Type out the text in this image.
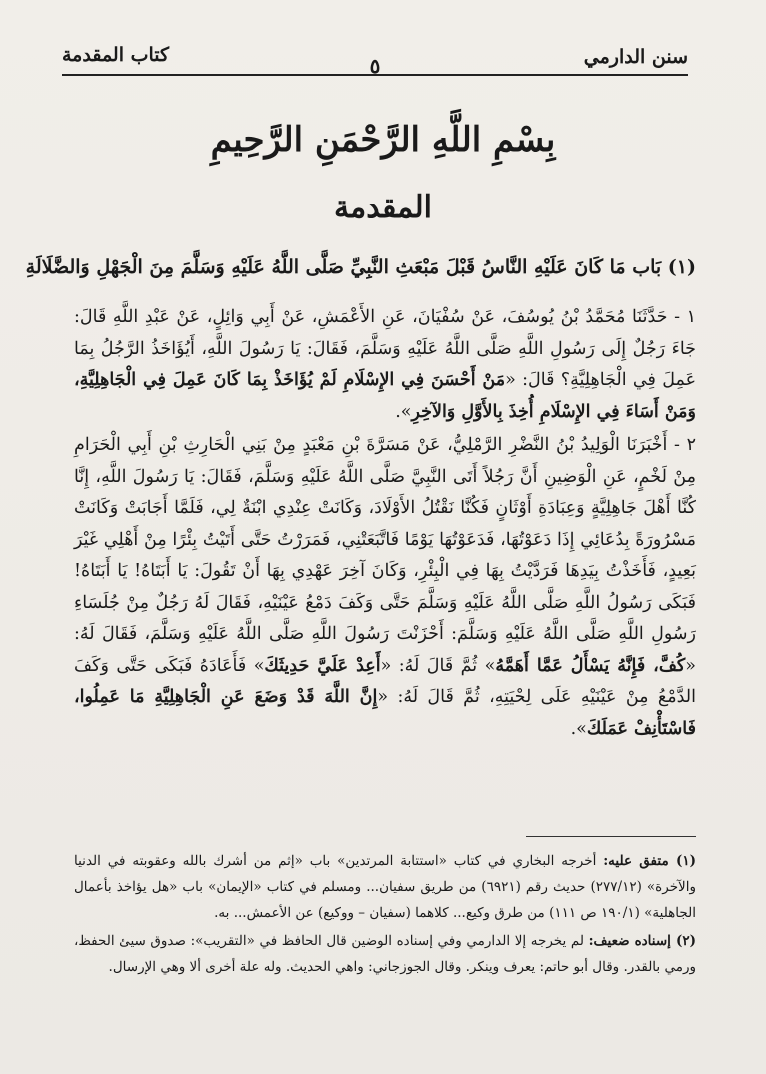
سنن الدارمي
٥
كتاب المقدمة
بِسْمِ اللَّهِ الرَّحْمَنِ الرَّحِيمِ
المقدمة
(١) بَاب مَا كَانَ عَلَيْهِ النَّاسُ قَبْلَ مَبْعَثِ النَّبِيِّ صَلَّى اللَّهُ عَلَيْهِ وَسَلَّمَ مِنَ الْجَهْلِ وَالضَّلَالَةِ

١ - حَدَّثَنَا مُحَمَّدُ بْنُ يُوسُفَ، عَنْ سُفْيَانَ، عَنِ الأَعْمَشِ، عَنْ أَبِي وَائِلٍ، عَنْ عَبْدِ اللَّهِ قَالَ: جَاءَ رَجُلٌ إِلَى رَسُولِ اللَّهِ صَلَّى اللَّهُ عَلَيْهِ وَسَلَّمَ، فَقَالَ: يَا رَسُولَ اللَّهِ، أَيُؤَاخَذُ الرَّجُلُ بِمَا عَمِلَ فِي الْجَاهِلِيَّةِ؟ قَالَ: «مَنْ أَحْسَنَ فِي الإِسْلَامِ لَمْ يُؤَاخَذْ بِمَا كَانَ عَمِلَ فِي الْجَاهِلِيَّةِ، وَمَنْ أَسَاءَ فِي الإِسْلَامِ أُخِذَ بِالأَوَّلِ وَالآخِرِ».

٢ - أَخْبَرَنَا الْوَلِيدُ بْنُ النَّضْرِ الرَّمْلِيُّ، عَنْ مَسَرَّةَ بْنِ مَعْبَدٍ مِنْ بَنِي الْحَارِثِ بْنِ أَبِي الْحَرَامِ مِنْ لَخْمٍ، عَنِ الْوَضِينِ أَنَّ رَجُلاً أَتَى النَّبِيَّ صَلَّى اللَّهُ عَلَيْهِ وَسَلَّمَ، فَقَالَ: يَا رَسُولَ اللَّهِ، إِنَّا كُنَّا أَهْلَ جَاهِلِيَّةٍ وَعِبَادَةِ أَوْثَانٍ فَكُنَّا نَقْتُلُ الأَوْلَادَ، وَكَانَتْ عِنْدِي ابْنَةٌ لِي، فَلَمَّا أَجَابَتْ وَكَانَتْ مَسْرُورَةً بِدُعَائِي إِذَا دَعَوْتُهَا، فَدَعَوْتُهَا يَوْمًا فَاتَّبَعَتْنِي، فَمَرَرْتُ حَتَّى أَتَيْتُ بِئْرًا مِنْ أَهْلِي غَيْرَ بَعِيدٍ، فَأَخَذْتُ بِيَدِهَا فَرَدَّيْتُ بِهَا فِي الْبِئْرِ، وَكَانَ آخِرَ عَهْدِي بِهَا أَنْ تَقُولَ: يَا أَبَتَاهُ! يَا أَبَتَاهُ! فَبَكَى رَسُولُ اللَّهِ صَلَّى اللَّهُ عَلَيْهِ وَسَلَّمَ حَتَّى وَكَفَ دَمْعُ عَيْنَيْهِ، فَقَالَ لَهُ رَجُلٌ مِنْ جُلَسَاءِ رَسُولِ اللَّهِ صَلَّى اللَّهُ عَلَيْهِ وَسَلَّمَ: أَحْزَنْتَ رَسُولَ اللَّهِ صَلَّى اللَّهُ عَلَيْهِ وَسَلَّمَ، فَقَالَ لَهُ: «كُفَّ، فَإِنَّهُ يَسْأَلُ عَمَّا أَهَمَّهُ» ثُمَّ قَالَ لَهُ: «أَعِدْ عَلَيَّ حَدِيثَكَ» فَأَعَادَهُ فَبَكَى حَتَّى وَكَفَ الدَّمْعُ مِنْ عَيْنَيْهِ عَلَى لِحْيَتِهِ، ثُمَّ قَالَ لَهُ: «إِنَّ اللَّهَ قَدْ وَضَعَ عَنِ الْجَاهِلِيَّةِ مَا عَمِلُوا، فَاسْتَأْنِفْ عَمَلَكَ».

(١) متفق عليه: أخرجه البخاري في كتاب «استتابة المرتدين» باب «إثم من أشرك بالله وعقوبته في الدنيا والآخرة» (٢٧٧/١٢) حديث رقم (٦٩٢١) من طريق سفيان... ومسلم في كتاب «الإيمان» باب «هل يؤاخذ بأعمال الجاهلية» (١٩٠/١ ص ١١١) من طرق وكيع... كلاهما (سفيان – ووكيع) عن الأعمش... به.

(٢) إسناده ضعيف: لم يخرجه إلا الدارمي وفي إسناده الوضين قال الحافظ في «التقريب»: صدوق سيئ الحفظ، ورمي بالقدر. وقال أبو حاتم: يعرف وينكر. وقال الجوزجاني: واهي الحديث. وله علة أخرى ألا وهي الإرسال.
